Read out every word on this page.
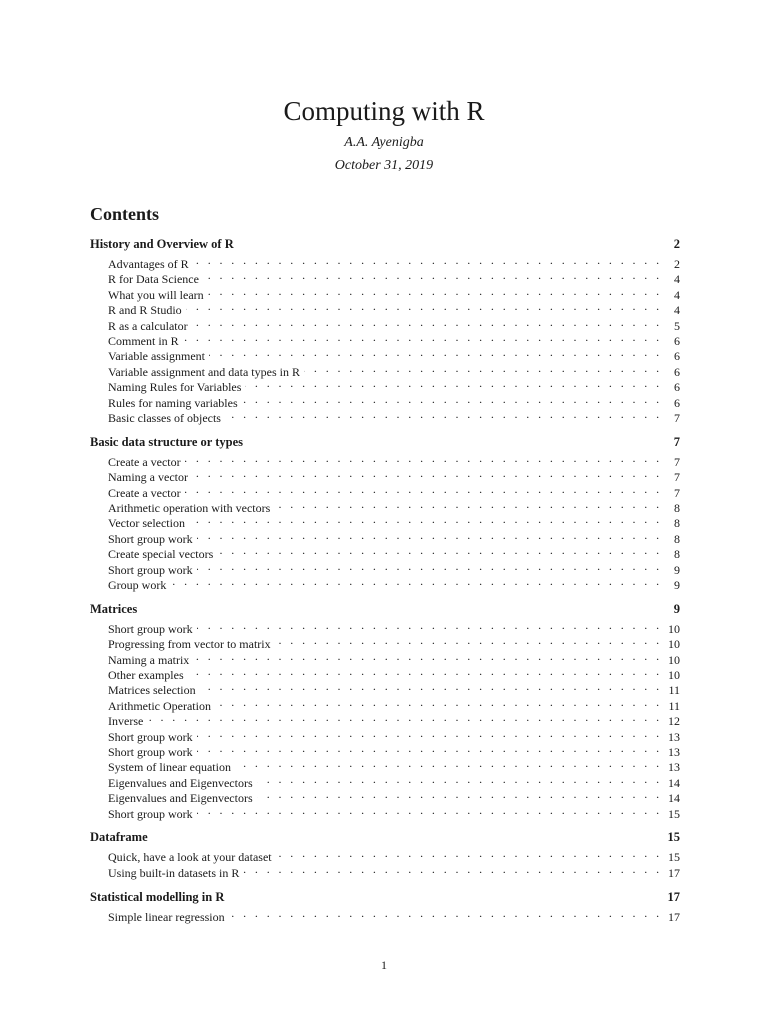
Computing with R
A.A. Ayenigba
October 31, 2019
Contents
History and Overview of R	2
Advantages of R . . .	2
R for Data Science . . .	4
What you will learn . . .	4
R and R Studio . . .	4
R as a calculator . . .	5
Comment in R . . .	6
Variable assignment . . .	6
Variable assignment and data types in R . . .	6
Naming Rules for Variables . . .	6
Rules for naming variables . . .	6
Basic classes of objects . . .	7
Basic data structure or types	7
Create a vector . . .	7
Naming a vector . . .	7
Create a vector . . .	7
Arithmetic operation with vectors . . .	8
Vector selection . . .	8
Short group work . . .	8
Create special vectors . . .	8
Short group work . . .	9
Group work . . .	9
Matrices	9
Short group work . . .	10
Progressing from vector to matrix . . .	10
Naming a matrix . . .	10
Other examples . . .	10
Matrices selection . . .	11
Arithmetic Operation . . .	11
Inverse . . .	12
Short group work . . .	13
Short group work . . .	13
System of linear equation . . .	13
Eigenvalues and Eigenvectors . . .	14
Eigenvalues and Eigenvectors . . .	14
Short group work . . .	15
Dataframe	15
Quick, have a look at your dataset . . .	15
Using built-in datasets in R . . .	17
Statistical modelling in R	17
Simple linear regression . . .	17
1
